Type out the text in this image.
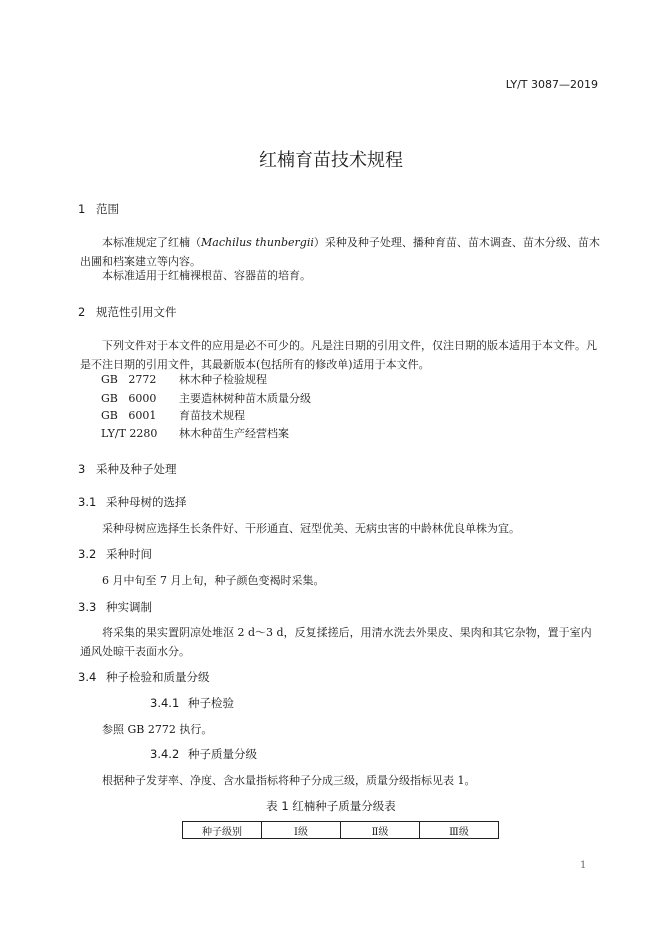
LY/T 3087—2019
红楠育苗技术规程
1 范围
本标准规定了红楠（Machilus thunbergii）采种及种子处理、播种育苗、苗木调查、苗木分级、苗木出圃和档案建立等内容。
本标准适用于红楠裸根苗、容器苗的培育。
2 规范性引用文件
下列文件对于本文件的应用是必不可少的。凡是注日期的引用文件，仅注日期的版本适用于本文件。凡是不注日期的引用文件，其最新版本(包括所有的修改单)适用于本文件。
GB   2772 林木种子检验规程
GB   6000 主要造林树种苗木质量分级
GB   6001 育苗技术规程
LY/T 2280 林木种苗生产经营档案
3 采种及种子处理
3.1 采种母树的选择
采种母树应选择生长条件好、干形通直、冠型优美、无病虫害的中龄林优良单株为宜。
3.2 采种时间
6 月中旬至 7 月上旬，种子颜色变褐时采集。
3.3 种实调制
将采集的果实置阴凉处堆沤 2 d～3 d，反复揉搓后，用清水洗去外果皮、果肉和其它杂物，置于室内通风处晾干表面水分。
3.4 种子检验和质量分级
3.4.1 种子检验
参照 GB 2772 执行。
3.4.2 种子质量分级
根据种子发芽率、净度、含水量指标将种子分成三级，质量分级指标见表 1。
表 1 红楠种子质量分级表
种子级别	Ⅰ级	Ⅱ级	Ⅲ级
1
